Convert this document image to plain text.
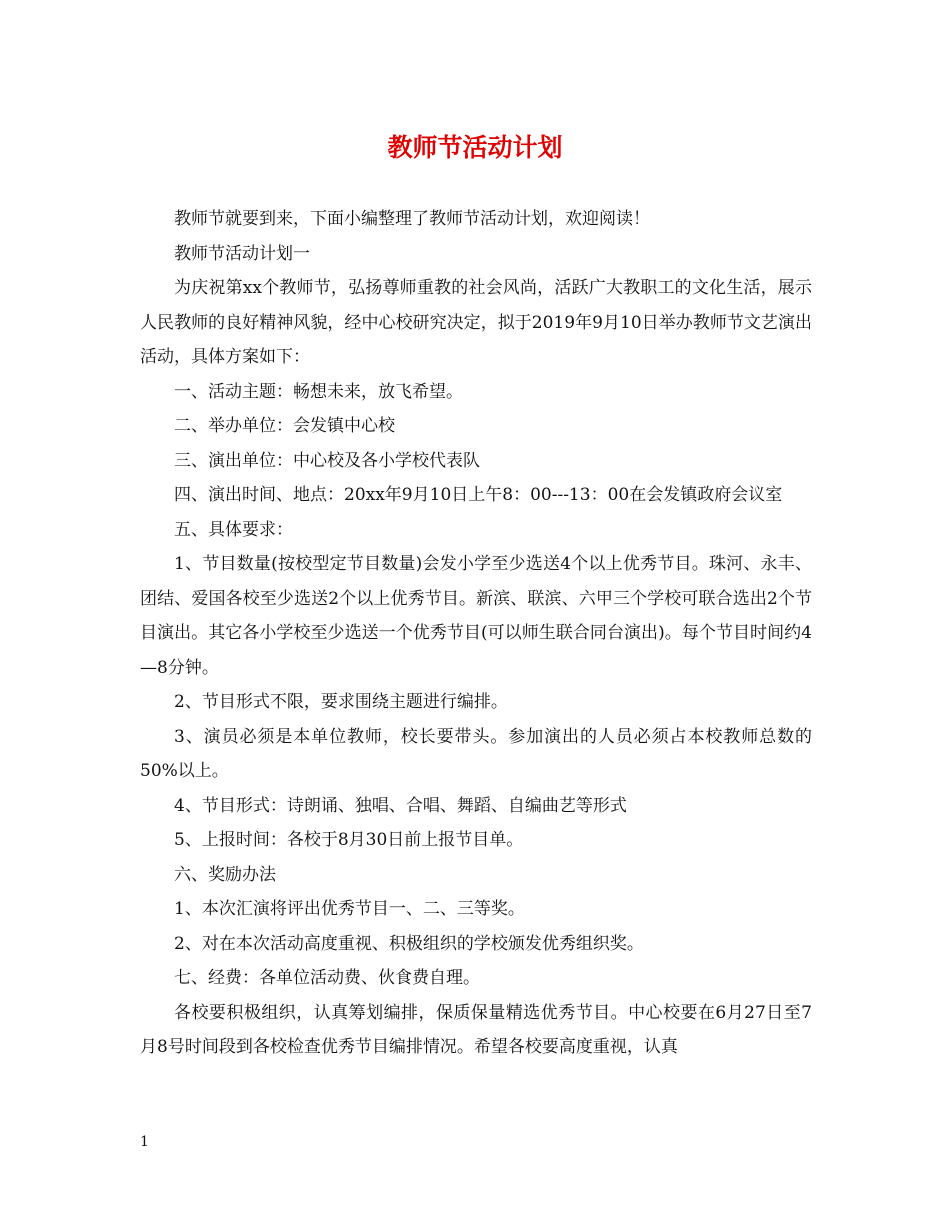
教师节活动计划

教师节就要到来，下面小编整理了教师节活动计划，欢迎阅读！

教师节活动计划一

为庆祝第xx个教师节，弘扬尊师重教的社会风尚，活跃广大教职工的文化生活，展示人民教师的良好精神风貌，经中心校研究决定，拟于2019年9月10日举办教师节文艺演出活动，具体方案如下：

一、活动主题：畅想未来，放飞希望。

二、举办单位：会发镇中心校

三、演出单位：中心校及各小学校代表队

四、演出时间、地点：20xx年9月10日上午8：00---13：00在会发镇政府会议室

五、具体要求：

1、节目数量(按校型定节目数量)会发小学至少选送4个以上优秀节目。珠河、永丰、团结、爱国各校至少选送2个以上优秀节目。新滨、联滨、六甲三个学校可联合选出2个节目演出。其它各小学校至少选送一个优秀节目(可以师生联合同台演出)。每个节目时间约4—8分钟。

2、节目形式不限，要求围绕主题进行编排。

3、演员必须是本单位教师，校长要带头。参加演出的人员必须占本校教师总数的50%以上。

4、节目形式：诗朗诵、独唱、合唱、舞蹈、自编曲艺等形式

5、上报时间：各校于8月30日前上报节目单。

六、奖励办法

1、本次汇演将评出优秀节目一、二、三等奖。

2、对在本次活动高度重视、积极组织的学校颁发优秀组织奖。

七、经费：各单位活动费、伙食费自理。

各校要积极组织，认真筹划编排，保质保量精选优秀节目。中心校要在6月27日至7月8号时间段到各校检查优秀节目编排情况。希望各校要高度重视，认真

1
